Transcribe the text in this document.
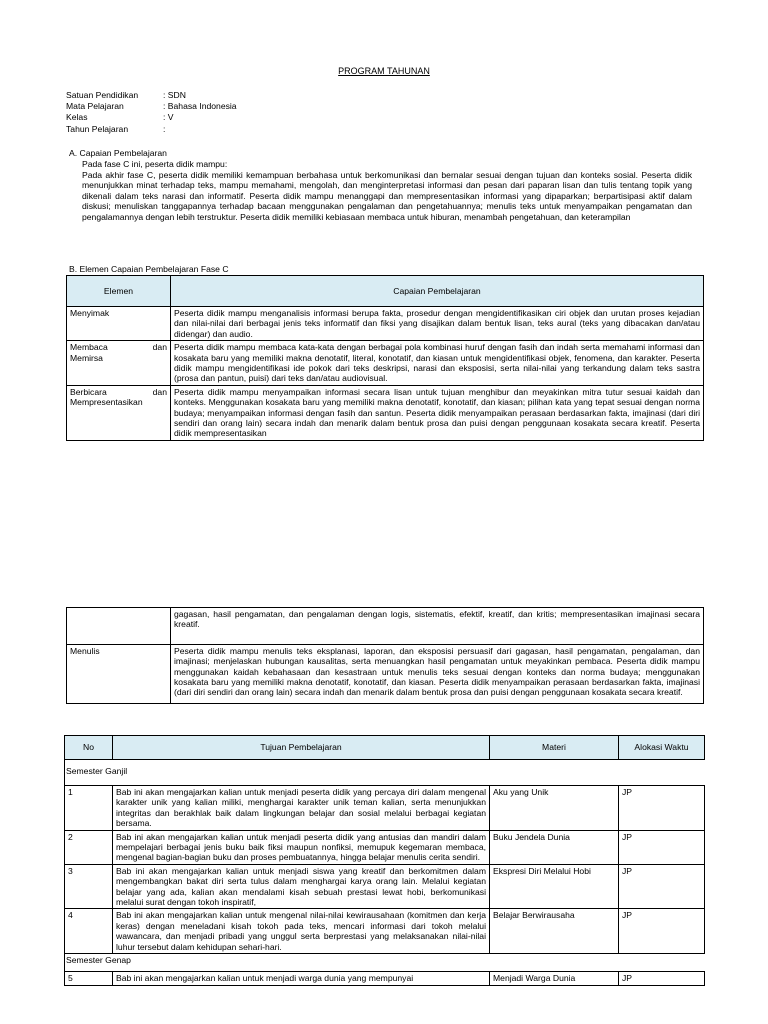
PROGRAM TAHUNAN
Satuan Pendidikan	: SDN
Mata Pelajaran	: Bahasa Indonesia
Kelas	: V
Tahun Pelajaran	:
A. Capaian Pembelajaran
Pada fase C ini, peserta didik mampu:
Pada akhir fase C, peserta didik memiliki kemampuan berbahasa untuk berkomunikasi dan bernalar sesuai dengan tujuan dan konteks sosial. Peserta didik menunjukkan minat terhadap teks, mampu memahami, mengolah, dan menginterpretasi informasi dan pesan dari paparan lisan dan tulis tentang topik yang dikenali dalam teks narasi dan informatif. Peserta didik mampu menanggapi dan mempresentasikan informasi yang dipaparkan; berpartisipasi aktif dalam diskusi; menuliskan tanggapannya terhadap bacaan menggunakan pengalaman dan pengetahuannya; menulis teks untuk menyampaikan pengamatan dan pengalamannya dengan lebih terstruktur. Peserta didik memiliki kebiasaan membaca untuk hiburan, menambah pengetahuan, dan keterampilan
B. Elemen Capaian Pembelajaran Fase C
Elemen	Capaian Pembelajaran
Menyimak	Peserta didik mampu menganalisis informasi berupa fakta, prosedur dengan mengidentifikasikan ciri objek dan urutan proses kejadian dan nilai-nilai dari berbagai jenis teks informatif dan fiksi yang disajikan dalam bentuk lisan, teks aural (teks yang dibacakan dan/atau didengar) dan audio.

Membaca dan
Memirsa	Peserta didik mampu membaca kata-kata dengan berbagai pola kombinasi huruf dengan fasih dan indah serta memahami informasi dan kosakata baru yang memiliki makna denotatif, literal, konotatif, dan kiasan untuk mengidentifikasi objek, fenomena, dan karakter. Peserta didik mampu mengidentifikasi ide pokok dari teks deskripsi, narasi dan eksposisi, serta nilai-nilai yang terkandung dalam teks sastra (prosa dan pantun, puisi) dari teks dan/atau audiovisual.

Berbicara dan
Mempresentasikan	Peserta didik mampu menyampaikan informasi secara lisan untuk tujuan menghibur dan meyakinkan mitra tutur sesuai kaidah dan konteks. Menggunakan kosakata baru yang memiliki makna denotatif, konotatif, dan kiasan; pilihan kata yang tepat sesuai dengan norma budaya; menyampaikan informasi dengan fasih dan santun. Peserta didik menyampaikan perasaan berdasarkan fakta, imajinasi (dari diri sendiri dan orang lain) secara indah dan menarik dalam bentuk prosa dan puisi dengan penggunaan kosakata secara kreatif. Peserta didik mempresentasikan
	gagasan, hasil pengamatan, dan pengalaman dengan logis, sistematis, efektif, kreatif, dan kritis; mempresentasikan imajinasi secara kreatif.
Menulis	Peserta didik mampu menulis teks eksplanasi, laporan, dan eksposisi persuasif dari gagasan, hasil pengamatan, pengalaman, dan imajinasi; menjelaskan hubungan kausalitas, serta menuangkan hasil pengamatan untuk meyakinkan pembaca. Peserta didik mampu menggunakan kaidah kebahasaan dan kesastraan untuk menulis teks sesuai dengan konteks dan norma budaya; menggunakan kosakata baru yang memiliki makna denotatif, konotatif, dan kiasan. Peserta didik menyampaikan perasaan berdasarkan fakta, imajinasi (dari diri sendiri dan orang lain) secara indah dan menarik dalam bentuk prosa dan puisi dengan penggunaan kosakata secara kreatif.
No	Tujuan Pembelajaran	Materi	Alokasi Waktu
Semester Ganjil			
1	Bab ini akan mengajarkan kalian untuk menjadi peserta didik yang percaya diri dalam mengenal karakter unik yang kalian miliki, menghargai karakter unik teman kalian, serta menunjukkan integritas dan berakhlak baik dalam lingkungan belajar dan sosial melalui berbagai kegiatan bersama.	Aku yang Unik	JP
2	Bab ini akan mengajarkan kalian untuk menjadi peserta didik yang antusias dan mandiri dalam mempelajari berbagai jenis buku baik fiksi maupun nonfiksi, memupuk kegemaran membaca, mengenal bagian-bagian buku dan proses pembuatannya, hingga belajar menulis cerita sendiri.	Buku Jendela Dunia	JP
3	Bab ini akan mengajarkan kalian untuk menjadi siswa yang kreatif dan berkomitmen dalam mengembangkan bakat diri serta tulus dalam menghargai karya orang lain. Melalui kegiatan belajar yang ada, kalian akan mendalami kisah sebuah prestasi lewat hobi, berkomunikasi melalui surat dengan tokoh inspiratif,	Ekspresi Diri Melalui Hobi	JP
4	Bab ini akan mengajarkan kalian untuk mengenal nilai-nilai kewirausahaan (komitmen dan kerja keras) dengan meneladani kisah tokoh pada teks, mencari informasi dari tokoh melalui wawancara, dan menjadi pribadi yang unggul serta berprestasi yang melaksanakan nilai-nilai luhur tersebut dalam kehidupan sehari-hari.	Belajar Berwirausaha	JP
Semester Genap			
5	Bab ini akan mengajarkan kalian untuk menjadi warga dunia yang mempunyai	Menjadi Warga Dunia	JP
